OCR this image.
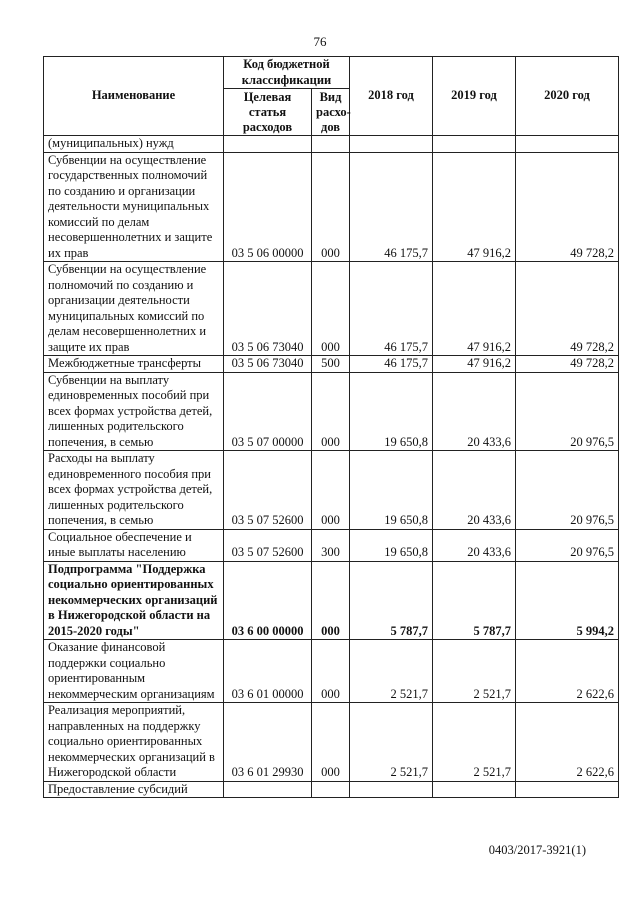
76
Наименование	Код бюджетной классификации		2018 год	2019 год	2020 год
	Целевая статья расходов	Вид расхо-дов			
(муниципальных) нужд					
Субвенции на осуществление государственных полномочий по созданию и организации деятельности муниципальных комиссий по делам несовершеннолетних и защите их прав	03 5 06 00000	000	46 175,7	47 916,2	49 728,2
Субвенции на осуществление полномочий по созданию и организации деятельности муниципальных комиссий по делам несовершеннолетних и защите их прав	03 5 06 73040	000	46 175,7	47 916,2	49 728,2
Межбюджетные трансферты	03 5 06 73040	500	46 175,7	47 916,2	49 728,2
Субвенции на выплату единовременных пособий при всех формах устройства детей, лишенных родительского попечения, в семью	03 5 07 00000	000	19 650,8	20 433,6	20 976,5
Расходы на выплату единовременного пособия при всех формах устройства детей, лишенных родительского попечения, в семью	03 5 07 52600	000	19 650,8	20 433,6	20 976,5
Социальное обеспечение и иные выплаты населению	03 5 07 52600	300	19 650,8	20 433,6	20 976,5
Подпрограмма "Поддержка социально ориентированных некоммерческих организаций в Нижегородской области на 2015-2020 годы"	03 6 00 00000	000	5 787,7	5 787,7	5 994,2
Оказание финансовой поддержки социально ориентированным некоммерческим организациям	03 6 01 00000	000	2 521,7	2 521,7	2 622,6
Реализация мероприятий, направленных на поддержку социально ориентированных некоммерческих организаций в Нижегородской области	03 6 01 29930	000	2 521,7	2 521,7	2 622,6
Предоставление субсидий					
0403/2017-3921(1)
